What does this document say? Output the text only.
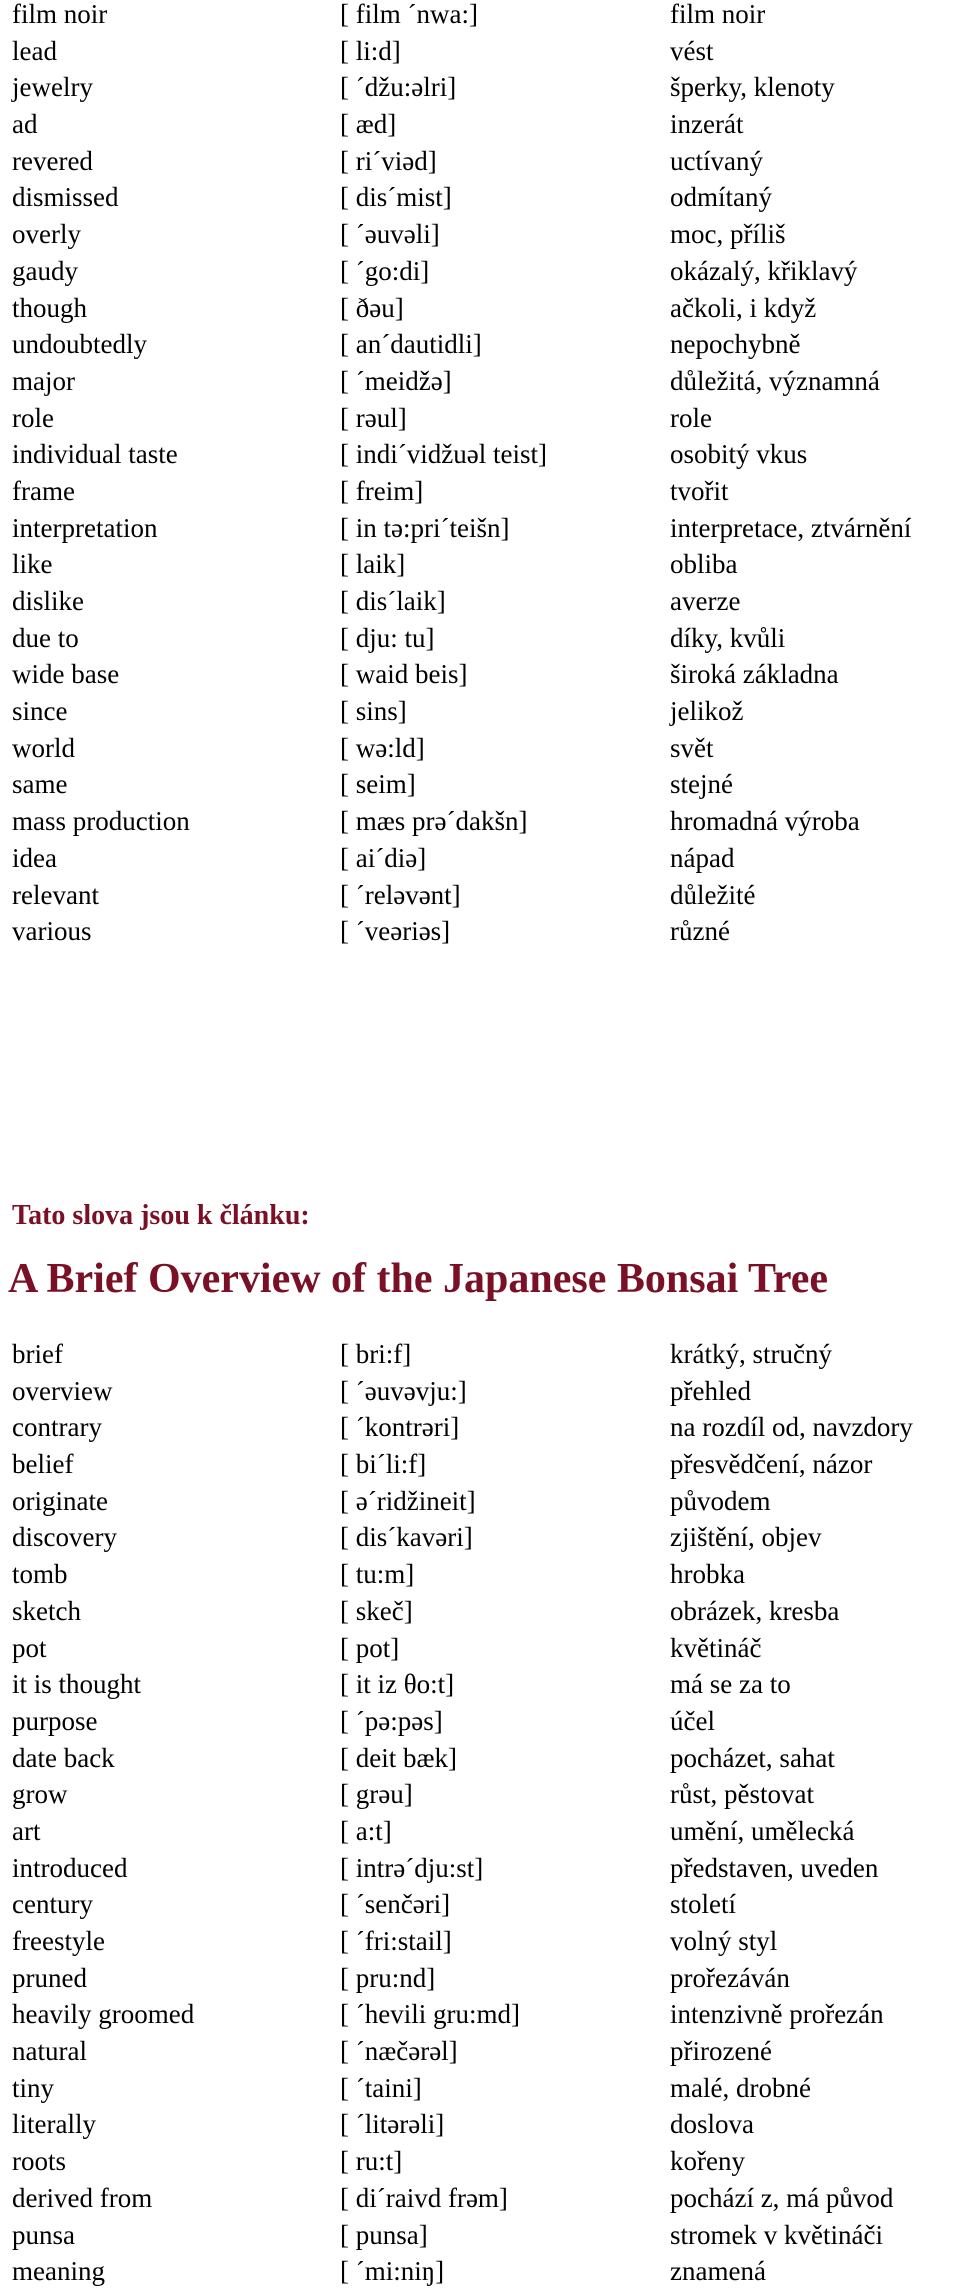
film noir	[ film ´nwa:]	film noir
lead	[ li:d]	vést
jewelry	[ ´džu:əlri]	šperky, klenoty
ad	[ æd]	inzerát
revered	[ ri´viəd]	uctívaný
dismissed	[ dis´mist]	odmítaný
overly	[ ´əuvəli]	moc, příliš
gaudy	[ ´go:di]	okázalý, křiklavý
though	[ ðəu]	ačkoli, i když
undoubtedly	[ an´dautidli]	nepochybně
major	[ ´meidžə]	důležitá, významná
role	[ rəul]	role
individual taste	[ indi´vidžuəl teist]	osobitý vkus
frame	[ freim]	tvořit
interpretation	[ in tə:pri´teišn]	interpretace, ztvárnění
like	[ laik]	obliba
dislike	[ dis´laik]	averze
due to	[ dju: tu]	díky, kvůli
wide base	[ waid beis]	široká základna
since	[ sins]	jelikož
world	[ wə:ld]	svět
same	[ seim]	stejné
mass production	[ mæs prə´dakšn]	hromadná výroba
idea	[ ai´diə]	nápad
relevant	[ ´reləvənt]	důležité
various	[ ´veəriəs]	různé
Tato slova jsou k článku:
A Brief Overview of the Japanese Bonsai Tree
brief	[ bri:f]	krátký, stručný
overview	[ ´əuvəvju:]	přehled
contrary	[ ´kontrəri]	na rozdíl od, navzdory
belief	[ bi´li:f]	přesvědčení, názor
originate	[ ə´ridžineit]	původem
discovery	[ dis´kavəri]	zjištění, objev
tomb	[ tu:m]	hrobka
sketch	[ skeč]	obrázek, kresba
pot	[ pot]	květináč
it is thought	[ it iz θo:t]	má se za to
purpose	[ ´pə:pəs]	účel
date back	[ deit bæk]	pocházet, sahat
grow	[ grəu]	růst, pěstovat
art	[ a:t]	umění, umělecká
introduced	[ intrə´dju:st]	představen, uveden
century	[ ´senčəri]	století
freestyle	[ ´fri:stail]	volný styl
pruned	[ pru:nd]	prořezáván
heavily groomed	[ ´hevili gru:md]	intenzivně prořezán
natural	[ ´næčərəl]	přirozené
tiny	[ ´taini]	malé, drobné
literally	[ ´litərəli]	doslova
roots	[ ru:t]	kořeny
derived from	[ di´raivd frəm]	pochází z, má původ
punsa	[ punsa]	stromek v květináči
meaning	[ ´mi:niŋ]	znamená
